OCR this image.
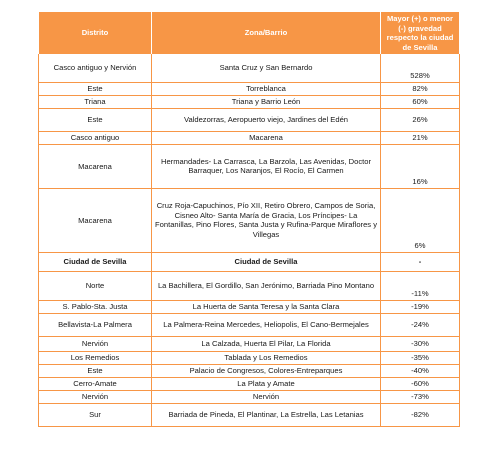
Distrito	Zona/Barrio	Mayor (+) o menor (-) gravedad respecto la ciudad de Sevilla
Casco antiguo y Nervión	Santa Cruz y San Bernardo	528%
Este	Torreblanca	82%
Triana	Triana y Barrio León	60%
Este	Valdezorras, Aeropuerto viejo, Jardines del Edén	26%
Casco antiguo	Macarena	21%
Macarena	Hermandades- La Carrasca, La Barzola, Las Avenidas, Doctor Barraquer, Los Naranjos, El Rocío, El Carmen	16%
Macarena	Cruz Roja-Capuchinos, Pío XII, Retiro Obrero, Campos de Soria, Cisneo Alto- Santa María de Gracia, Los Príncipes- La Fontanillas, Pino Flores, Santa Justa y Rufina-Parque Miraflores y Villegas	6%
Ciudad de Sevilla	Ciudad de Sevilla	-
Norte	La Bachillera, El Gordillo, San Jerónimo, Barriada Pino Montano	-11%
S. Pablo-Sta. Justa	La Huerta de Santa Teresa y la Santa Clara	-19%
Bellavista-La Palmera	La Palmera-Reina Mercedes, Heliopolis, El Cano-Bermejales	-24%
Nervión	La Calzada, Huerta El Pilar, La Florida	-30%
Los Remedios	Tablada y Los Remedios	-35%
Este	Palacio de Congresos, Colores-Entreparques	-40%
Cerro-Amate	La Plata y Amate	-60%
Nervión	Nervión	-73%
Sur	Barriada de Pineda, El Plantinar, La Estrella, Las Letanias	-82%
